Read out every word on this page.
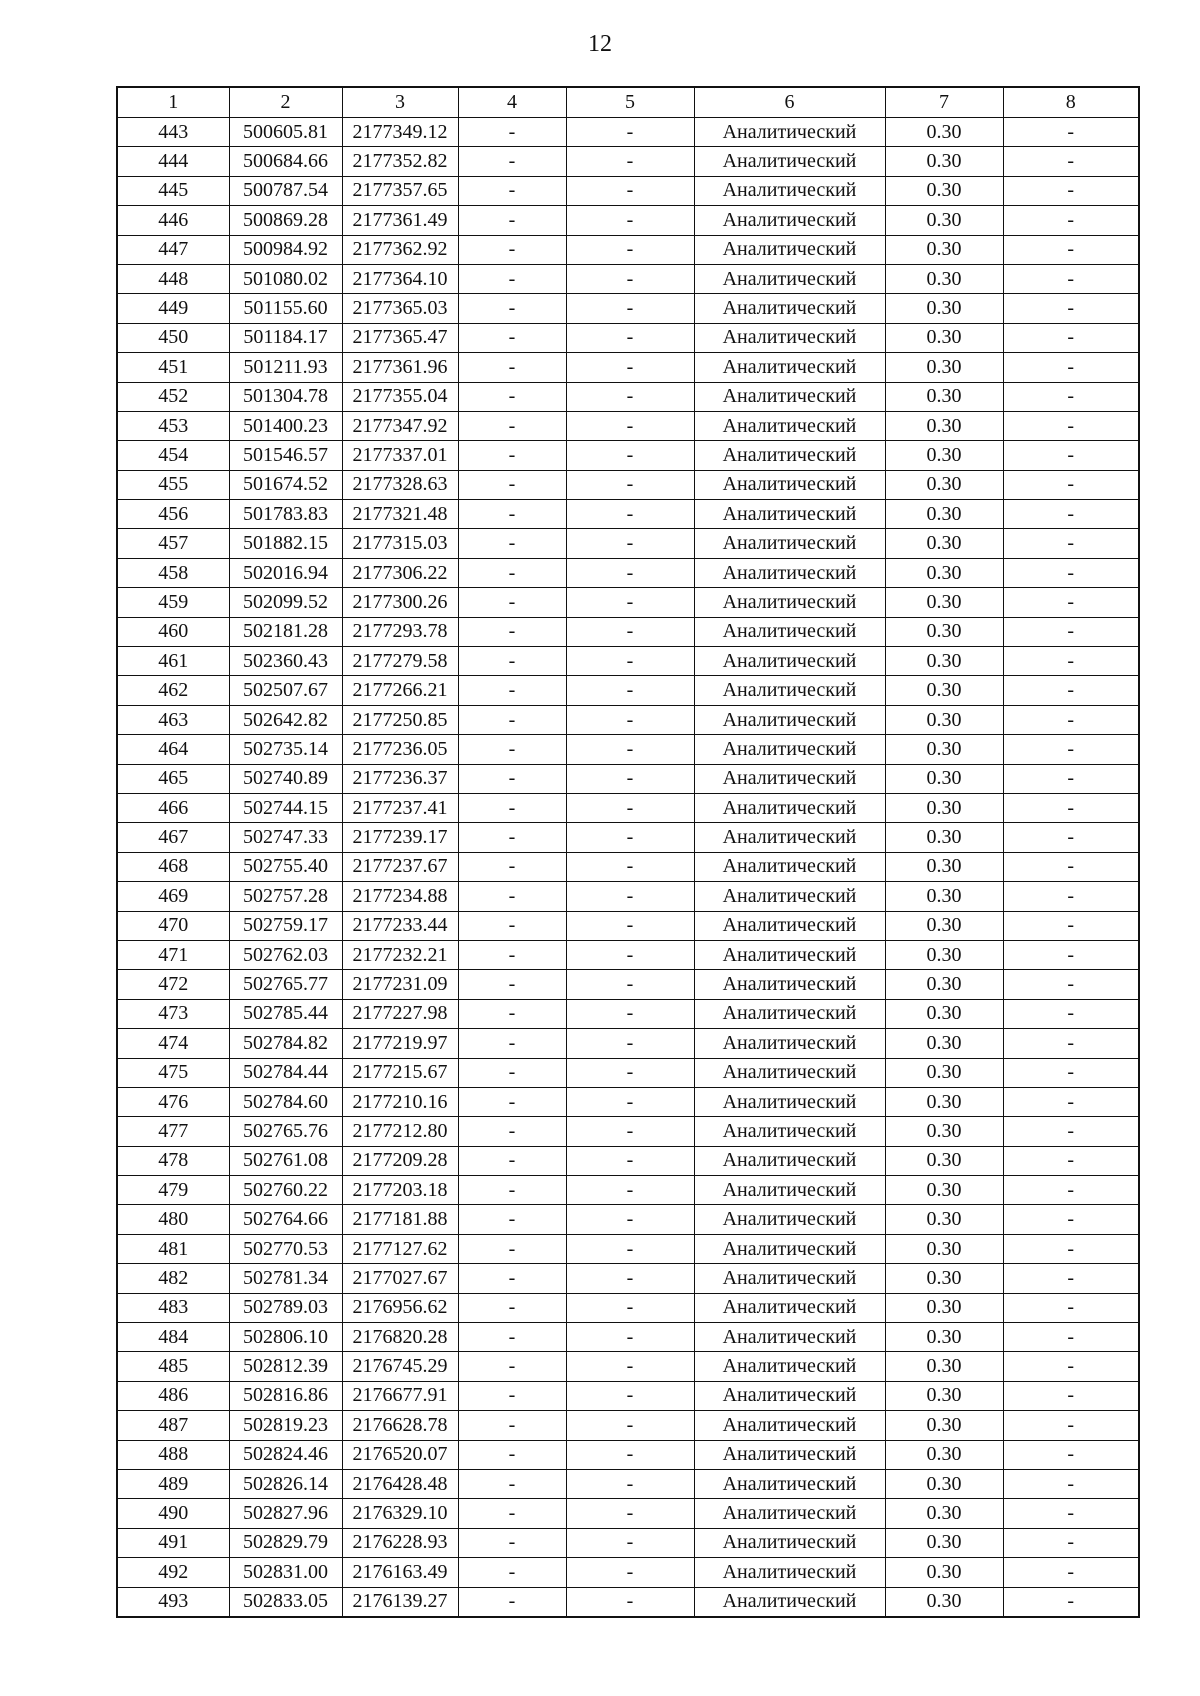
12
1	2	3	4	5	6	7	8
443	500605.81	2177349.12	-	-	Аналитический	0.30	-
444	500684.66	2177352.82	-	-	Аналитический	0.30	-
445	500787.54	2177357.65	-	-	Аналитический	0.30	-
446	500869.28	2177361.49	-	-	Аналитический	0.30	-
447	500984.92	2177362.92	-	-	Аналитический	0.30	-
448	501080.02	2177364.10	-	-	Аналитический	0.30	-
449	501155.60	2177365.03	-	-	Аналитический	0.30	-
450	501184.17	2177365.47	-	-	Аналитический	0.30	-
451	501211.93	2177361.96	-	-	Аналитический	0.30	-
452	501304.78	2177355.04	-	-	Аналитический	0.30	-
453	501400.23	2177347.92	-	-	Аналитический	0.30	-
454	501546.57	2177337.01	-	-	Аналитический	0.30	-
455	501674.52	2177328.63	-	-	Аналитический	0.30	-
456	501783.83	2177321.48	-	-	Аналитический	0.30	-
457	501882.15	2177315.03	-	-	Аналитический	0.30	-
458	502016.94	2177306.22	-	-	Аналитический	0.30	-
459	502099.52	2177300.26	-	-	Аналитический	0.30	-
460	502181.28	2177293.78	-	-	Аналитический	0.30	-
461	502360.43	2177279.58	-	-	Аналитический	0.30	-
462	502507.67	2177266.21	-	-	Аналитический	0.30	-
463	502642.82	2177250.85	-	-	Аналитический	0.30	-
464	502735.14	2177236.05	-	-	Аналитический	0.30	-
465	502740.89	2177236.37	-	-	Аналитический	0.30	-
466	502744.15	2177237.41	-	-	Аналитический	0.30	-
467	502747.33	2177239.17	-	-	Аналитический	0.30	-
468	502755.40	2177237.67	-	-	Аналитический	0.30	-
469	502757.28	2177234.88	-	-	Аналитический	0.30	-
470	502759.17	2177233.44	-	-	Аналитический	0.30	-
471	502762.03	2177232.21	-	-	Аналитический	0.30	-
472	502765.77	2177231.09	-	-	Аналитический	0.30	-
473	502785.44	2177227.98	-	-	Аналитический	0.30	-
474	502784.82	2177219.97	-	-	Аналитический	0.30	-
475	502784.44	2177215.67	-	-	Аналитический	0.30	-
476	502784.60	2177210.16	-	-	Аналитический	0.30	-
477	502765.76	2177212.80	-	-	Аналитический	0.30	-
478	502761.08	2177209.28	-	-	Аналитический	0.30	-
479	502760.22	2177203.18	-	-	Аналитический	0.30	-
480	502764.66	2177181.88	-	-	Аналитический	0.30	-
481	502770.53	2177127.62	-	-	Аналитический	0.30	-
482	502781.34	2177027.67	-	-	Аналитический	0.30	-
483	502789.03	2176956.62	-	-	Аналитический	0.30	-
484	502806.10	2176820.28	-	-	Аналитический	0.30	-
485	502812.39	2176745.29	-	-	Аналитический	0.30	-
486	502816.86	2176677.91	-	-	Аналитический	0.30	-
487	502819.23	2176628.78	-	-	Аналитический	0.30	-
488	502824.46	2176520.07	-	-	Аналитический	0.30	-
489	502826.14	2176428.48	-	-	Аналитический	0.30	-
490	502827.96	2176329.10	-	-	Аналитический	0.30	-
491	502829.79	2176228.93	-	-	Аналитический	0.30	-
492	502831.00	2176163.49	-	-	Аналитический	0.30	-
493	502833.05	2176139.27	-	-	Аналитический	0.30	-
